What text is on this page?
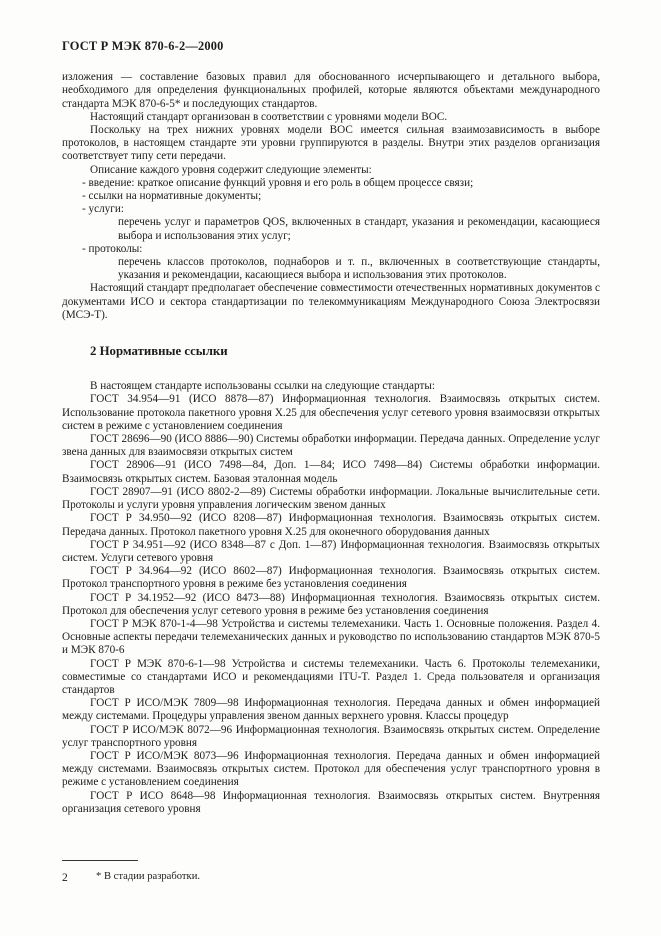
ГОСТ Р МЭК 870-6-2—2000

изложения — составление базовых правил для обоснованного исчерпывающего и детального выбора, необходимого для определения функциональных профилей, которые являются объектами международного стандарта МЭК 870-6-5* и последующих стандартов.

Настоящий стандарт организован в соответствии с уровнями модели ВОС.

Поскольку на трех нижних уровнях модели ВОС имеется сильная взаимозависимость в выборе протоколов, в настоящем стандарте эти уровни группируются в разделы. Внутри этих разделов организация соответствует типу сети передачи.

Описание каждого уровня содержит следующие элементы:

- введение: краткое описание функций уровня и его роль в общем процессе связи;

- ссылки на нормативные документы;

- услуги:

перечень услуг и параметров QOS, включенных в стандарт, указания и рекомендации, касающиеся выбора и использования этих услуг;

- протоколы:

перечень классов протоколов, поднаборов и т. п., включенных в соответствующие стандарты, указания и рекомендации, касающиеся выбора и использования этих протоколов.

Настоящий стандарт предполагает обеспечение совместимости отечественных нормативных документов с документами ИСО и сектора стандартизации по телекоммуникациям Международного Союза Электросвязи (МСЭ-Т).

2 Нормативные ссылки

В настоящем стандарте использованы ссылки на следующие стандарты:

ГОСТ 34.954—91 (ИСО 8878—87) Информационная технология. Взаимосвязь открытых систем. Использование протокола пакетного уровня X.25 для обеспечения услуг сетевого уровня взаимосвязи открытых систем в режиме с установлением соединения

ГОСТ 28696—90 (ИСО 8886—90) Системы обработки информации. Передача данных. Определение услуг звена данных для взаимосвязи открытых систем

ГОСТ 28906—91 (ИСО 7498—84, Доп. 1—84; ИСО 7498—84) Системы обработки информации. Взаимосвязь открытых систем. Базовая эталонная модель

ГОСТ 28907—91 (ИСО 8802-2—89) Системы обработки информации. Локальные вычислительные сети. Протоколы и услуги уровня управления логическим звеном данных

ГОСТ Р 34.950—92 (ИСО 8208—87) Информационная технология. Взаимосвязь открытых систем. Передача данных. Протокол пакетного уровня X.25 для оконечного оборудования данных

ГОСТ Р 34.951—92 (ИСО 8348—87 с Доп. 1—87) Информационная технология. Взаимосвязь открытых систем. Услуги сетевого уровня

ГОСТ Р 34.964—92 (ИСО 8602—87) Информационная технология. Взаимосвязь открытых систем. Протокол транспортного уровня в режиме без установления соединения

ГОСТ Р 34.1952—92 (ИСО 8473—88) Информационная технология. Взаимосвязь открытых систем. Протокол для обеспечения услуг сетевого уровня в режиме без установления соединения

ГОСТ Р МЭК 870-1-4—98 Устройства и системы телемеханики. Часть 1. Основные положения. Раздел 4. Основные аспекты передачи телемеханических данных и руководство по использованию стандартов МЭК 870-5 и МЭК 870-6

ГОСТ Р МЭК 870-6-1—98 Устройства и системы телемеханики. Часть 6. Протоколы телемеханики, совместимые со стандартами ИСО и рекомендациями ITU-T. Раздел 1. Среда пользователя и организация стандартов

ГОСТ Р ИСО/МЭК 7809—98 Информационная технология. Передача данных и обмен информацией между системами. Процедуры управления звеном данных верхнего уровня. Классы процедур

ГОСТ Р ИСО/МЭК 8072—96 Информационная технология. Взаимосвязь открытых систем. Определение услуг транспортного уровня

ГОСТ Р ИСО/МЭК 8073—96 Информационная технология. Передача данных и обмен информацией между системами. Взаимосвязь открытых систем. Протокол для обеспечения услуг транспортного уровня в режиме с установлением соединения

ГОСТ Р ИСО 8648—98 Информационная технология. Взаимосвязь открытых систем. Внутренняя организация сетевого уровня

* В стадии разработки.

2
